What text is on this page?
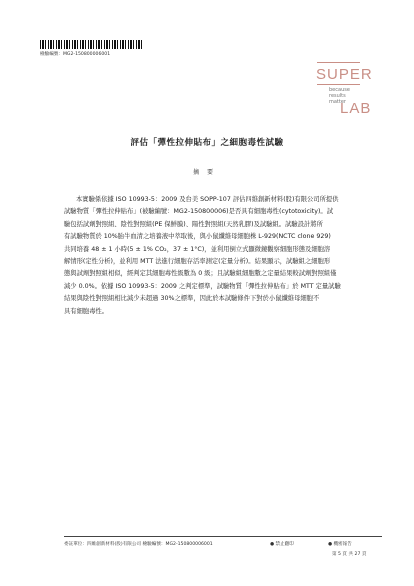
檢驗編號：MG2-150800006001
SUPER
because
results
matter
LAB
評估「彈性拉伸貼布」之細胞毒性試驗
摘要
本實驗係依據 ISO 10993-5：2009 及台美 SOPP-107 評估四維創新材料(股)有限公司所提供
試驗物質「彈性拉伸貼布」(被驗編號：MG2-150800006)是否具有細胞毒性(cytotoxicity)。試
驗包括試劑對照組、陰性對照組(PE 保鮮膜)、陽性對照組(天然乳膠)及試驗組。試驗設計將所
有試驗物質於 10%胎牛血清之培養液中萃取後，與小鼠纖維母細胞株 L-929(NCTC clone 929)
共同培養 48 ± 1 小時(5 ± 1% CO₂，37 ± 1°C)，並利用倒立式顯微鏡觀察細胞形態及細胞溶
解情形(定性分析)，並利用 MTT 法進行細胞存活率測定(定量分析)。結果顯示，試驗組之細胞形
態與試劑對照組相似，經判定其細胞毒性級數為 0 級；且試驗組細胞數之定量結果較試劑對照組僅
減少 0.0%。依據 ISO 10993-5：2009 之判定標準，試驗物質「彈性拉伸貼布」於 MTT 定量試驗
結果與陰性對照組相比減少未超過 30%之標準，因此於本試驗條件下對於小鼠纖維母細胞不
具有細胞毒性。
委託單位：四維創新材料(股)有限公司 檢驗編號：MG2-150800006001	● 禁止翻印	● 機密報告
第 5 頁 共 27 頁
